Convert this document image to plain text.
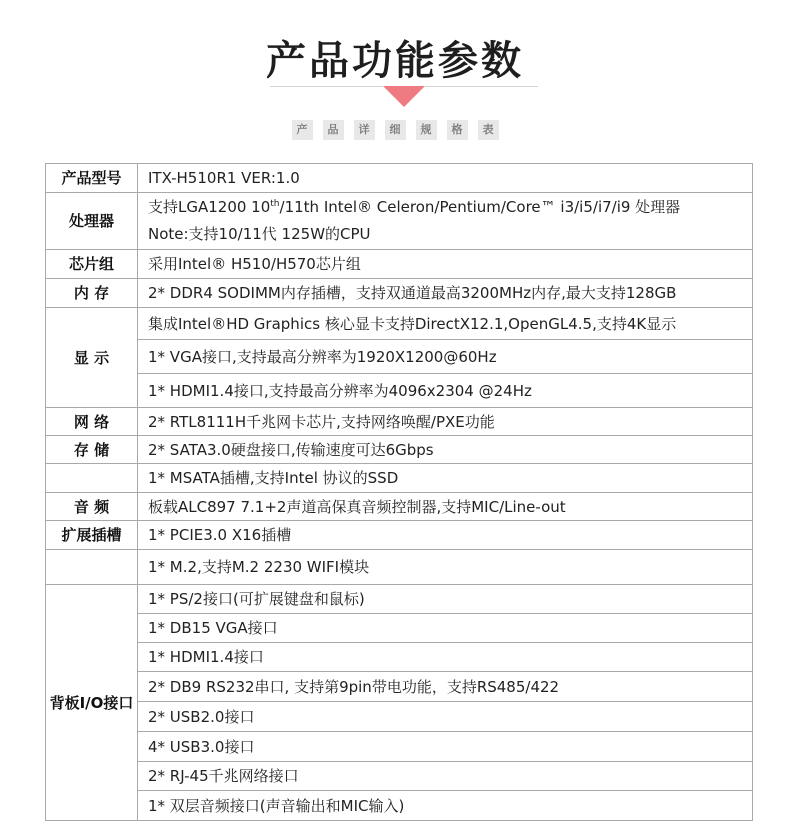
产品功能参数
产	品	详	细	规	格	表
产品型号	ITX-H510R1 VER:1.0
处理器	支持LGA1200 10th/11th Intel® Celeron/Pentium/Core™ i3/i5/i7/i9 处理器
Note:支持10/11代 125W的CPU

芯片组	采用Intel® H510/H570芯片组
内 存	2* DDR4 SODIMM内存插槽，支持双通道最高3200MHz内存,最大支持128GB
显 示	集成Intel®HD Graphics 核心显卡支持DirectX12.1,OpenGL4.5,支持4K显示
	1* VGA接口,支持最高分辨率为1920X1200@60Hz
	1* HDMI1.4接口,支持最高分辨率为4096x2304 @24Hz
网 络	2* RTL8111H千兆网卡芯片,支持网络唤醒/PXE功能
存 储	2* SATA3.0硬盘接口,传输速度可达6Gbps
	1* MSATA插槽,支持Intel 协议的SSD
音 频	板载ALC897 7.1+2声道高保真音频控制器,支持MIC/Line-out
扩展插槽	1* PCIE3.0 X16插槽
	1* M.2,支持M.2 2230 WIFI模块
背板I/O接口	1* PS/2接口(可扩展键盘和鼠标)
	1* DB15 VGA接口
	1* HDMI1.4接口
	2* DB9 RS232串口, 支持第9pin带电功能，支持RS485/422
	2* USB2.0接口
	4* USB3.0接口
	2* RJ-45千兆网络接口
	1* 双层音频接口(声音输出和MIC输入)
